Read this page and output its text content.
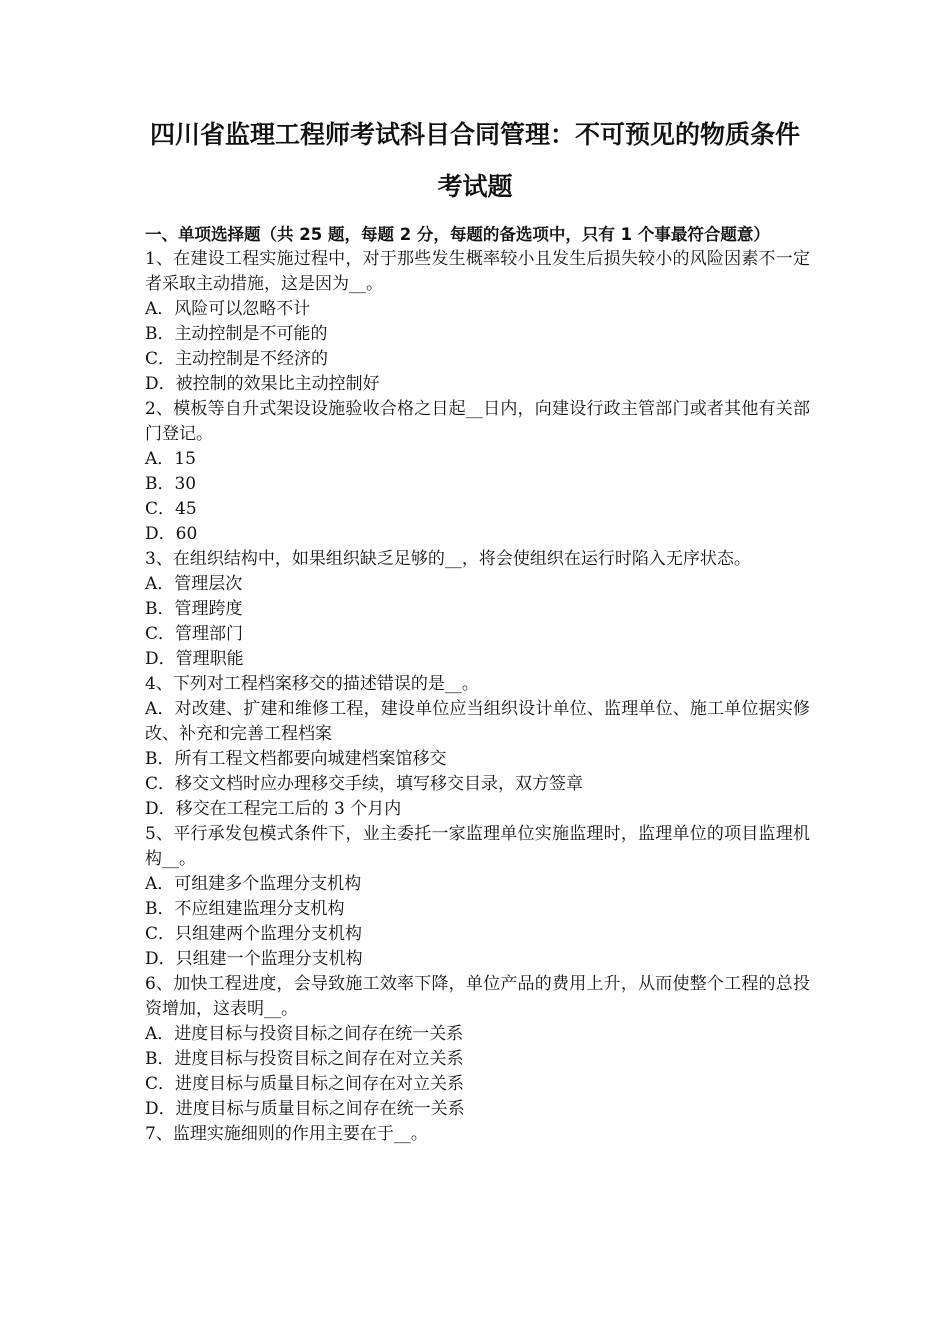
四川省监理工程师考试科目合同管理：不可预见的物质条件
考试题

一、单项选择题（共 25 题，每题 2 分，每题的备选项中，只有 1 个事最符合题意）

1、在建设工程实施过程中，对于那些发生概率较小且发生后损失较小的风险因素不一定者采取主动措施，这是因为__。

A．风险可以忽略不计

B．主动控制是不可能的

C．主动控制是不经济的

D．被控制的效果比主动控制好

2、模板等自升式架设设施验收合格之日起__日内，向建设行政主管部门或者其他有关部门登记。

A．15

B．30

C．45

D．60

3、在组织结构中，如果组织缺乏足够的__，将会使组织在运行时陷入无序状态。

A．管理层次

B．管理跨度

C．管理部门

D．管理职能

4、下列对工程档案移交的描述错误的是__。

A．对改建、扩建和维修工程，建设单位应当组织设计单位、监理单位、施工单位据实修改、补充和完善工程档案

B．所有工程文档都要向城建档案馆移交

C．移交文档时应办理移交手续，填写移交目录，双方签章

D．移交在工程完工后的 3 个月内

5、平行承发包模式条件下，业主委托一家监理单位实施监理时，监理单位的项目监理机构__。

A．可组建多个监理分支机构

B．不应组建监理分支机构

C．只组建两个监理分支机构

D．只组建一个监理分支机构

6、加快工程进度，会导致施工效率下降，单位产品的费用上升，从而使整个工程的总投资增加，这表明__。

A．进度目标与投资目标之间存在统一关系

B．进度目标与投资目标之间存在对立关系

C．进度目标与质量目标之间存在对立关系

D．进度目标与质量目标之间存在统一关系

7、监理实施细则的作用主要在于__。
